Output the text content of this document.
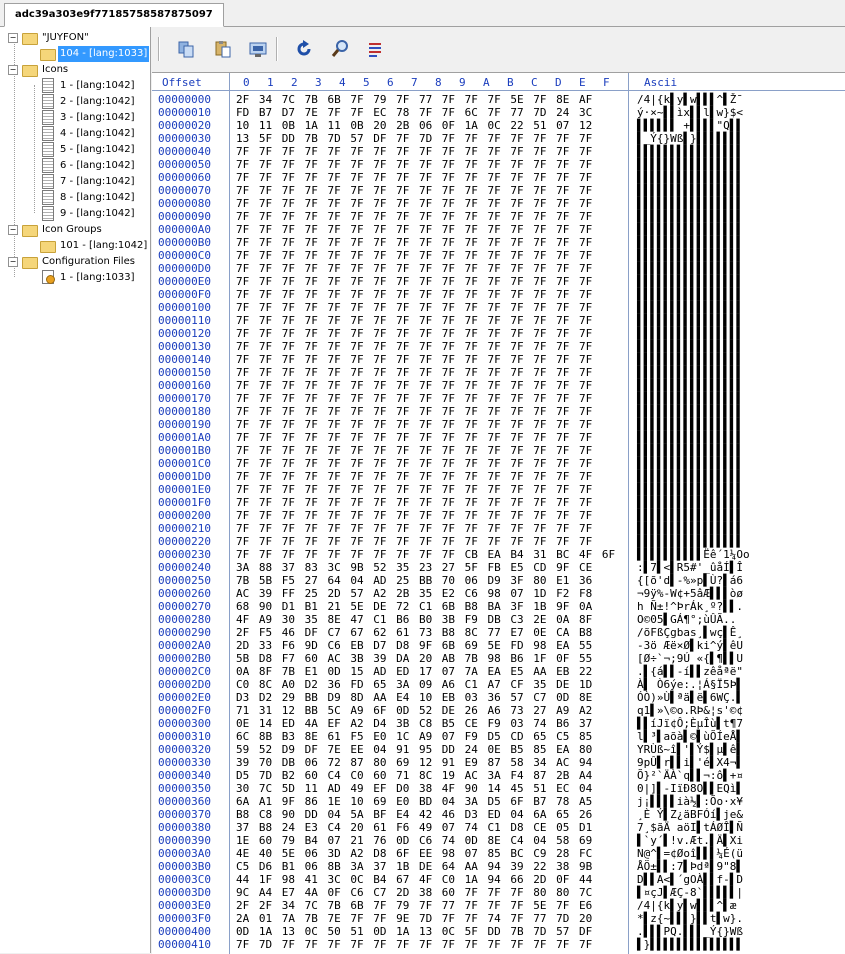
adc39a303e9f77185758587875097
−	"JUYFON"
104 - [lang:1033]
−	Icons
1 - [lang:1042]
2 - [lang:1042]
3 - [lang:1042]
4 - [lang:1042]
5 - [lang:1042]
6 - [lang:1042]
7 - [lang:1042]
8 - [lang:1042]
9 - [lang:1042]
−	Icon Groups
101 - [lang:1042]
−	Configuration Files
1 - [lang:1033]
Offset	0 1 2 3 4 5 6 7 8 9 A B C D E F	Ascii
00000000 2F 34 7C 7B 6B 7F 79 7F 77 7F 7F 7F 5E 7F 8E AF	/4|{k▌y▌w▌▌▌^▌Ž¯
00000010 FD B7 D7 7E 7F 7F EC 78 7F 7F 6C 7F 77 7D 24 3C	ý·×~▌▌ìx▌▌l▌w}$<
00000020 10 11 0B 1A 11 0B 20 2B 06 0F 1A 0C 22 51 07 12	▌▌▌▌▌▌ +▌▌▌▌"Q▌▌
00000030 13 5F DD 7B 7D 57 DF 7F 7D 7F 7F 7F 7F 7F 7F 7F	▌_Ý{}Wß▌}▌▌▌▌▌▌▌
00000040 7F 7F 7F 7F 7F 7F 7F 7F 7F 7F 7F 7F 7F 7F 7F 7F	▌▌▌▌▌▌▌▌▌▌▌▌▌▌▌▌
00000050 7F 7F 7F 7F 7F 7F 7F 7F 7F 7F 7F 7F 7F 7F 7F 7F	▌▌▌▌▌▌▌▌▌▌▌▌▌▌▌▌
00000060 7F 7F 7F 7F 7F 7F 7F 7F 7F 7F 7F 7F 7F 7F 7F 7F	▌▌▌▌▌▌▌▌▌▌▌▌▌▌▌▌
00000070 7F 7F 7F 7F 7F 7F 7F 7F 7F 7F 7F 7F 7F 7F 7F 7F	▌▌▌▌▌▌▌▌▌▌▌▌▌▌▌▌
00000080 7F 7F 7F 7F 7F 7F 7F 7F 7F 7F 7F 7F 7F 7F 7F 7F	▌▌▌▌▌▌▌▌▌▌▌▌▌▌▌▌
00000090 7F 7F 7F 7F 7F 7F 7F 7F 7F 7F 7F 7F 7F 7F 7F 7F	▌▌▌▌▌▌▌▌▌▌▌▌▌▌▌▌
000000A0 7F 7F 7F 7F 7F 7F 7F 7F 7F 7F 7F 7F 7F 7F 7F 7F	▌▌▌▌▌▌▌▌▌▌▌▌▌▌▌▌
000000B0 7F 7F 7F 7F 7F 7F 7F 7F 7F 7F 7F 7F 7F 7F 7F 7F	▌▌▌▌▌▌▌▌▌▌▌▌▌▌▌▌
000000C0 7F 7F 7F 7F 7F 7F 7F 7F 7F 7F 7F 7F 7F 7F 7F 7F	▌▌▌▌▌▌▌▌▌▌▌▌▌▌▌▌
000000D0 7F 7F 7F 7F 7F 7F 7F 7F 7F 7F 7F 7F 7F 7F 7F 7F	▌▌▌▌▌▌▌▌▌▌▌▌▌▌▌▌
000000E0 7F 7F 7F 7F 7F 7F 7F 7F 7F 7F 7F 7F 7F 7F 7F 7F	▌▌▌▌▌▌▌▌▌▌▌▌▌▌▌▌
000000F0 7F 7F 7F 7F 7F 7F 7F 7F 7F 7F 7F 7F 7F 7F 7F 7F	▌▌▌▌▌▌▌▌▌▌▌▌▌▌▌▌
00000100 7F 7F 7F 7F 7F 7F 7F 7F 7F 7F 7F 7F 7F 7F 7F 7F	▌▌▌▌▌▌▌▌▌▌▌▌▌▌▌▌
00000110 7F 7F 7F 7F 7F 7F 7F 7F 7F 7F 7F 7F 7F 7F 7F 7F	▌▌▌▌▌▌▌▌▌▌▌▌▌▌▌▌
00000120 7F 7F 7F 7F 7F 7F 7F 7F 7F 7F 7F 7F 7F 7F 7F 7F	▌▌▌▌▌▌▌▌▌▌▌▌▌▌▌▌
00000130 7F 7F 7F 7F 7F 7F 7F 7F 7F 7F 7F 7F 7F 7F 7F 7F	▌▌▌▌▌▌▌▌▌▌▌▌▌▌▌▌
00000140 7F 7F 7F 7F 7F 7F 7F 7F 7F 7F 7F 7F 7F 7F 7F 7F	▌▌▌▌▌▌▌▌▌▌▌▌▌▌▌▌
00000150 7F 7F 7F 7F 7F 7F 7F 7F 7F 7F 7F 7F 7F 7F 7F 7F	▌▌▌▌▌▌▌▌▌▌▌▌▌▌▌▌
00000160 7F 7F 7F 7F 7F 7F 7F 7F 7F 7F 7F 7F 7F 7F 7F 7F	▌▌▌▌▌▌▌▌▌▌▌▌▌▌▌▌
00000170 7F 7F 7F 7F 7F 7F 7F 7F 7F 7F 7F 7F 7F 7F 7F 7F	▌▌▌▌▌▌▌▌▌▌▌▌▌▌▌▌
00000180 7F 7F 7F 7F 7F 7F 7F 7F 7F 7F 7F 7F 7F 7F 7F 7F	▌▌▌▌▌▌▌▌▌▌▌▌▌▌▌▌
00000190 7F 7F 7F 7F 7F 7F 7F 7F 7F 7F 7F 7F 7F 7F 7F 7F	▌▌▌▌▌▌▌▌▌▌▌▌▌▌▌▌
000001A0 7F 7F 7F 7F 7F 7F 7F 7F 7F 7F 7F 7F 7F 7F 7F 7F	▌▌▌▌▌▌▌▌▌▌▌▌▌▌▌▌
000001B0 7F 7F 7F 7F 7F 7F 7F 7F 7F 7F 7F 7F 7F 7F 7F 7F	▌▌▌▌▌▌▌▌▌▌▌▌▌▌▌▌
000001C0 7F 7F 7F 7F 7F 7F 7F 7F 7F 7F 7F 7F 7F 7F 7F 7F	▌▌▌▌▌▌▌▌▌▌▌▌▌▌▌▌
000001D0 7F 7F 7F 7F 7F 7F 7F 7F 7F 7F 7F 7F 7F 7F 7F 7F	▌▌▌▌▌▌▌▌▌▌▌▌▌▌▌▌
000001E0 7F 7F 7F 7F 7F 7F 7F 7F 7F 7F 7F 7F 7F 7F 7F 7F	▌▌▌▌▌▌▌▌▌▌▌▌▌▌▌▌
000001F0 7F 7F 7F 7F 7F 7F 7F 7F 7F 7F 7F 7F 7F 7F 7F 7F	▌▌▌▌▌▌▌▌▌▌▌▌▌▌▌▌
00000200 7F 7F 7F 7F 7F 7F 7F 7F 7F 7F 7F 7F 7F 7F 7F 7F	▌▌▌▌▌▌▌▌▌▌▌▌▌▌▌▌
00000210 7F 7F 7F 7F 7F 7F 7F 7F 7F 7F 7F 7F 7F 7F 7F 7F	▌▌▌▌▌▌▌▌▌▌▌▌▌▌▌▌
00000220 7F 7F 7F 7F 7F 7F 7F 7F 7F 7F 7F 7F 7F 7F 7F 7F	▌▌▌▌▌▌▌▌▌▌▌▌▌▌▌▌
00000230 7F 7F 7F 7F 7F 7F 7F 7F 7F 7F CB EA B4 31 BC 4F 6F ▌▌▌▌▌▌▌▌▌▌Ëê´1¼Oo
00000240 3A 88 37 83 3C 9B 52 35 23 27 5F FB E5 CD 9F CE	:▌7▌<▌R5#'_ûåÍ▌Î
00000250 7B 5B F5 27 64 04 AD 25 BB 70 06 D9 3F 80 E1 36	{[õ'd▌-%»p▌Ù?▌á6
00000260 AC 39 FF 25 2D 57 A2 2B 35 E2 C6 98 07 1D F2 F8	¬9ÿ%-W¢+5âÆ▌▌▌òø
00000270 68 90 D1 B1 21 5E DE 72 C1 6B B8 BA 3F 1B 9F 0A	h Ñ±!^ÞrÁk¸º?▌▌.
00000280 4F A9 30 35 8E 47 C1 B6 B0 3B F9 DB C3 2E 0A 8F	O©05▌GÁ¶°;ùÛÃ..
00000290 2F F5 46 DF C7 67 62 61 73 B8 8C 77 E7 0E CA B8	/õFßÇgbas¸▌wç▌Ê¸
000002A0 2D 33 F6 9D C6 EB D7 D8 9F 6B 69 5E FD 98 EA 55	-3ö Æë×Ø▌ki^ý▌êU
000002B0 5B D8 F7 60 AC 3B 39 DA 20 AB 7B 98 B6 1F 0F 55	[Ø÷`¬;9Ú «{▌¶▌▌U
000002C0 0A 8F 7B E1 0D 15 AD ED 17 07 7A EA E5 AA EB 22	.▌{á▌▌-í▌▌zêåªë"
000002D0 C0 8C A0 D2 36 FD 65 3A 09 A6 C1 A7 CF 35 DE 1D	À▌ Ò6ýe:.¦Á§Ï5Þ▌
000002E0 D3 D2 29 BB D9 8D AA E4 10 EB 03 36 57 C7 0D 8E	ÓÒ)»Ù▌ªä▌ë▌6WÇ.▌
000002F0 71 31 12 BB 5C A9 6F 0D 52 DE 26 A6 73 27 A9 A2	q1▌»\©o.RÞ&¦s'©¢
00000300 0E 14 ED 4A EF A2 D4 3B C8 B5 CE F9 03 74 B6 37	▌▌íJï¢Ô;ÈµÎù▌t¶7
00000310 6C 8B B3 8E 61 F5 E0 1C A9 07 F9 D5 CD 65 C5 85	l▌³▌aõà▌©▌ùÕÍeÅ▌
00000320 59 52 D9 DF 7E EE 04 91 95 DD 24 0E B5 85 EA 80	YRÙß~î▌'▌Ý$▌µ▌ê▌
00000330 39 70 DB 06 72 87 80 69 12 91 E9 87 58 34 AC 94	9pÛ▌r▌▌i▌'é▌X4¬▌
00000340 D5 7D B2 60 C4 C0 60 71 8C 19 AC 3A F4 87 2B A4	Õ}²`ÄÀ`q▌▌¬:ô▌+¤
00000350 30 7C 5D 11 AD 49 EF D0 38 4F 90 14 45 51 EC 04	0|]▌-IïÐ8O▌▌EQì▌
00000360 6A A1 9F 86 1E 10 69 E0 BD 04 3A D5 6F B7 78 A5	j¡▌▌▌▌ià½▌:Õo·x¥
00000370 B8 C8 90 DD 04 5A BF E4 42 46 D3 ED 04 6A 65 26	¸È Ý▌Z¿äBFÓí▌je&
00000380 37 B8 24 E3 C4 20 61 F6 49 07 74 C1 D8 CE 05 D1	7¸$ãÄ aöI▌tÁØÎ▌Ñ
00000390 1E 60 79 B4 07 21 76 0D C6 74 0D 8E C4 04 58 69	▌`y´▌!v.Æt.▌Ä▌Xi
000003A0 4E 40 5E 06 3D A2 D8 6F EE 98 07 85 BC C9 28 FC	N@^▌=¢Øoî▌▌▌¼É(ü
000003B0 C5 D6 B1 06 8B 3A 37 1B DE 64 AA 94 39 22 38 9B	ÅÖ±▌▌:7▌Þdª▌9"8▌
000003C0 44 1F 98 41 3C 0C B4 67 4F C0 1A 94 66 2D 0F 44	D▌▌A<▌´gOÀ▌▌f-▌D
000003D0 9C A4 E7 4A 0F C6 C7 2D 38 60 7F 7F 7F 80 80 7C	▌¤çJ▌ÆÇ-8`▌▌▌▌▌|
000003E0 2F 2F 34 7C 7B 6B 7F 79 7F 77 7F 7F 7F 5E 7F E6	/4|{k▌y▌w▌▌▌^▌æ
000003F0 2A 01 7A 7B 7E 7F 7F 9E 7D 7F 7F 74 7F 77 7D 20	*▌z{~▌▌▌}▌▌t▌w}.
00000400 0D 1A 13 0C 50 51 0D 1A 13 0C 5F DD 7B 7D 57 DF	.▌▌▌PQ.▌▌▌_Ý{}Wß
00000410 7F 7D 7F 7F 7F 7F 7F 7F 7F 7F 7F 7F 7F 7F 7F 7F	▌}▌▌▌▌▌▌▌▌▌▌▌▌▌▌
